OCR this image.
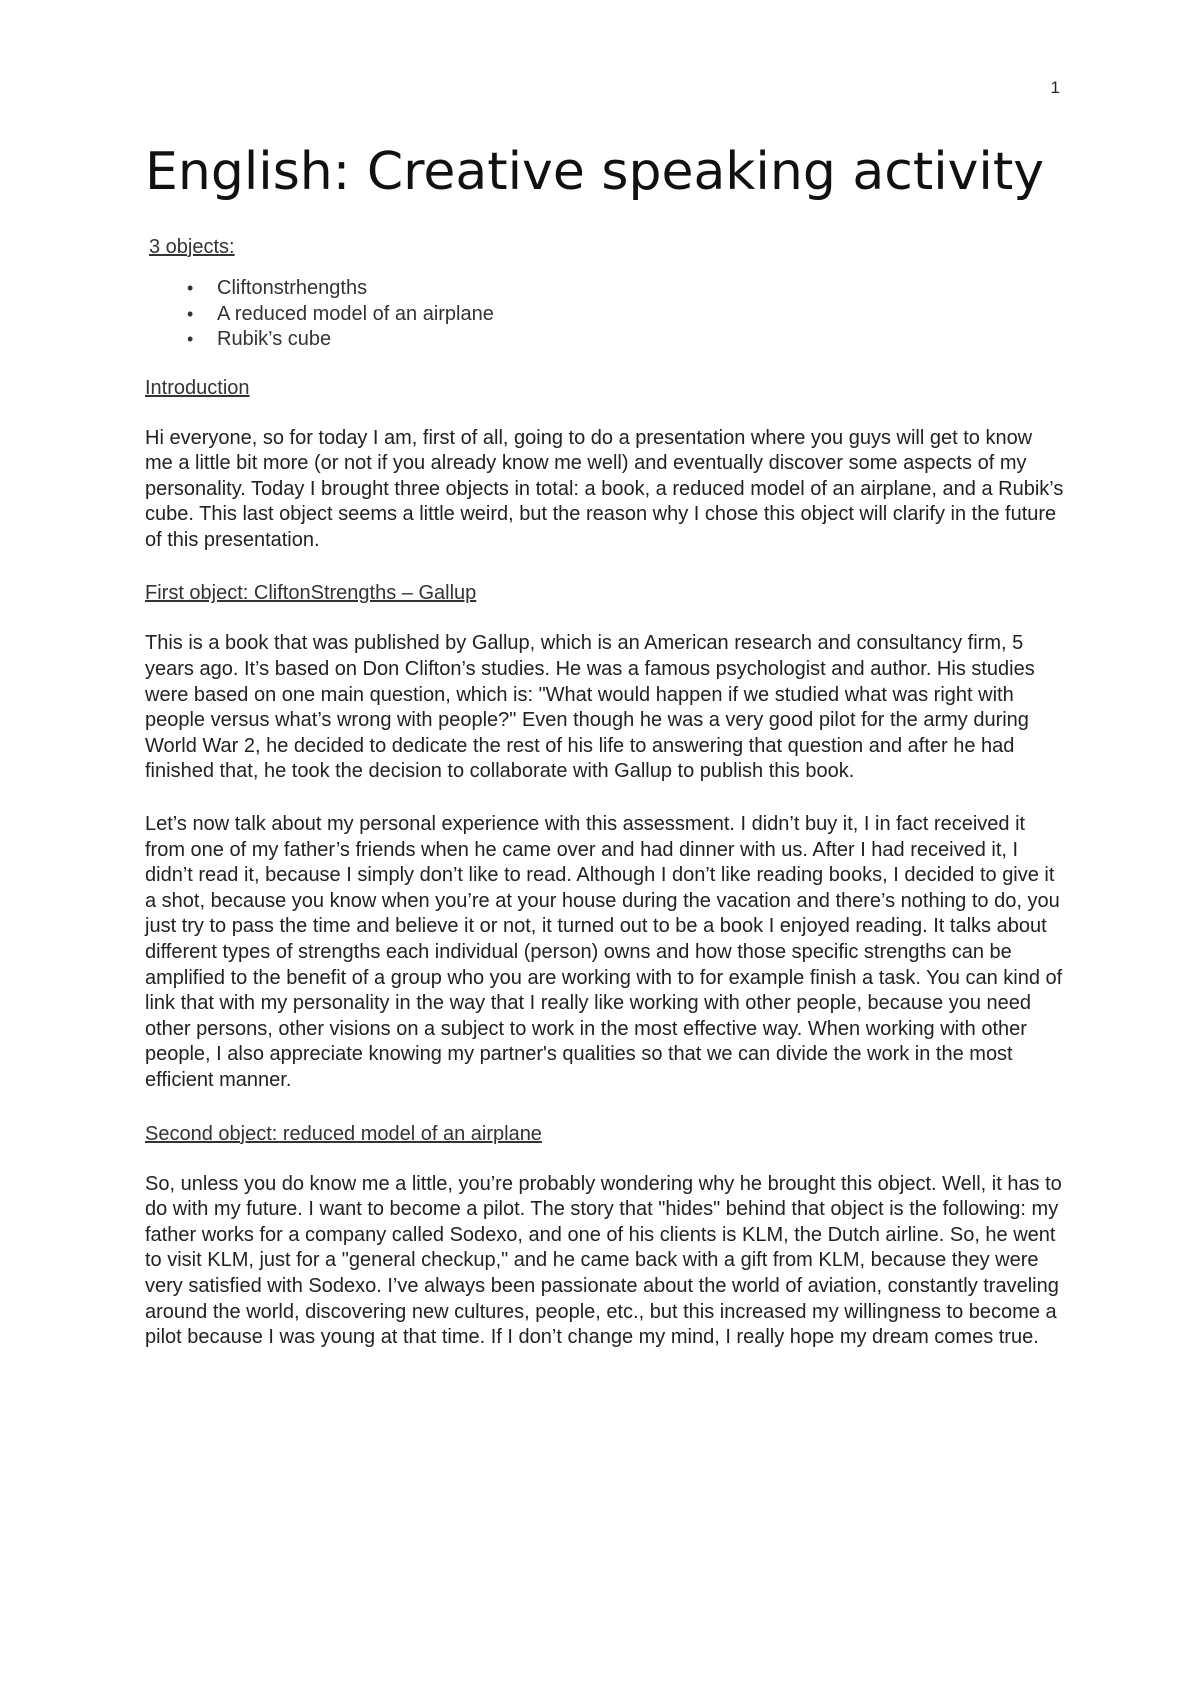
1
English: Creative speaking activity
3 objects:
• Cliftonstrhengths
• A reduced model of an airplane
• Rubik’s cube
Introduction

Hi everyone, so for today I am, first of all, going to do a presentation where you guys will get to know me a little bit more (or not if you already know me well) and eventually discover some aspects of my personality. Today I brought three objects in total: a book, a reduced model of an airplane, and a Rubik’s cube. This last object seems a little weird, but the reason why I chose this object will clarify in the future of this presentation.

First object: CliftonStrengths – Gallup

This is a book that was published by Gallup, which is an American research and consultancy firm, 5 years ago. It’s based on Don Clifton’s studies. He was a famous psychologist and author. His studies were based on one main question, which is: "What would happen if we studied what was right with people versus what’s wrong with people?" Even though he was a very good pilot for the army during World War 2, he decided to dedicate the rest of his life to answering that question and after he had finished that, he took the decision to collaborate with Gallup to publish this book.

Let’s now talk about my personal experience with this assessment. I didn’t buy it, I in fact received it from one of my father’s friends when he came over and had dinner with us. After I had received it, I didn’t read it, because I simply don’t like to read. Although I don’t like reading books, I decided to give it a shot, because you know when you’re at your house during the vacation and there’s nothing to do, you just try to pass the time and believe it or not, it turned out to be a book I enjoyed reading. It talks about different types of strengths each individual (person) owns and how those specific strengths can be amplified to the benefit of a group who you are working with to for example finish a task. You can kind of link that with my personality in the way that I really like working with other people, because you need other persons, other visions on a subject to work in the most effective way. When working with other people, I also appreciate knowing my partner's qualities so that we can divide the work in the most efficient manner.

Second object: reduced model of an airplane

So, unless you do know me a little, you’re probably wondering why he brought this object. Well, it has to do with my future. I want to become a pilot. The story that "hides" behind that object is the following: my father works for a company called Sodexo, and one of his clients is KLM, the Dutch airline. So, he went to visit KLM, just for a "general checkup," and he came back with a gift from KLM, because they were very satisfied with Sodexo. I’ve always been passionate about the world of aviation, constantly traveling around the world, discovering new cultures, people, etc., but this increased my willingness to become a pilot because I was young at that time. If I don’t change my mind, I really hope my dream comes true.
